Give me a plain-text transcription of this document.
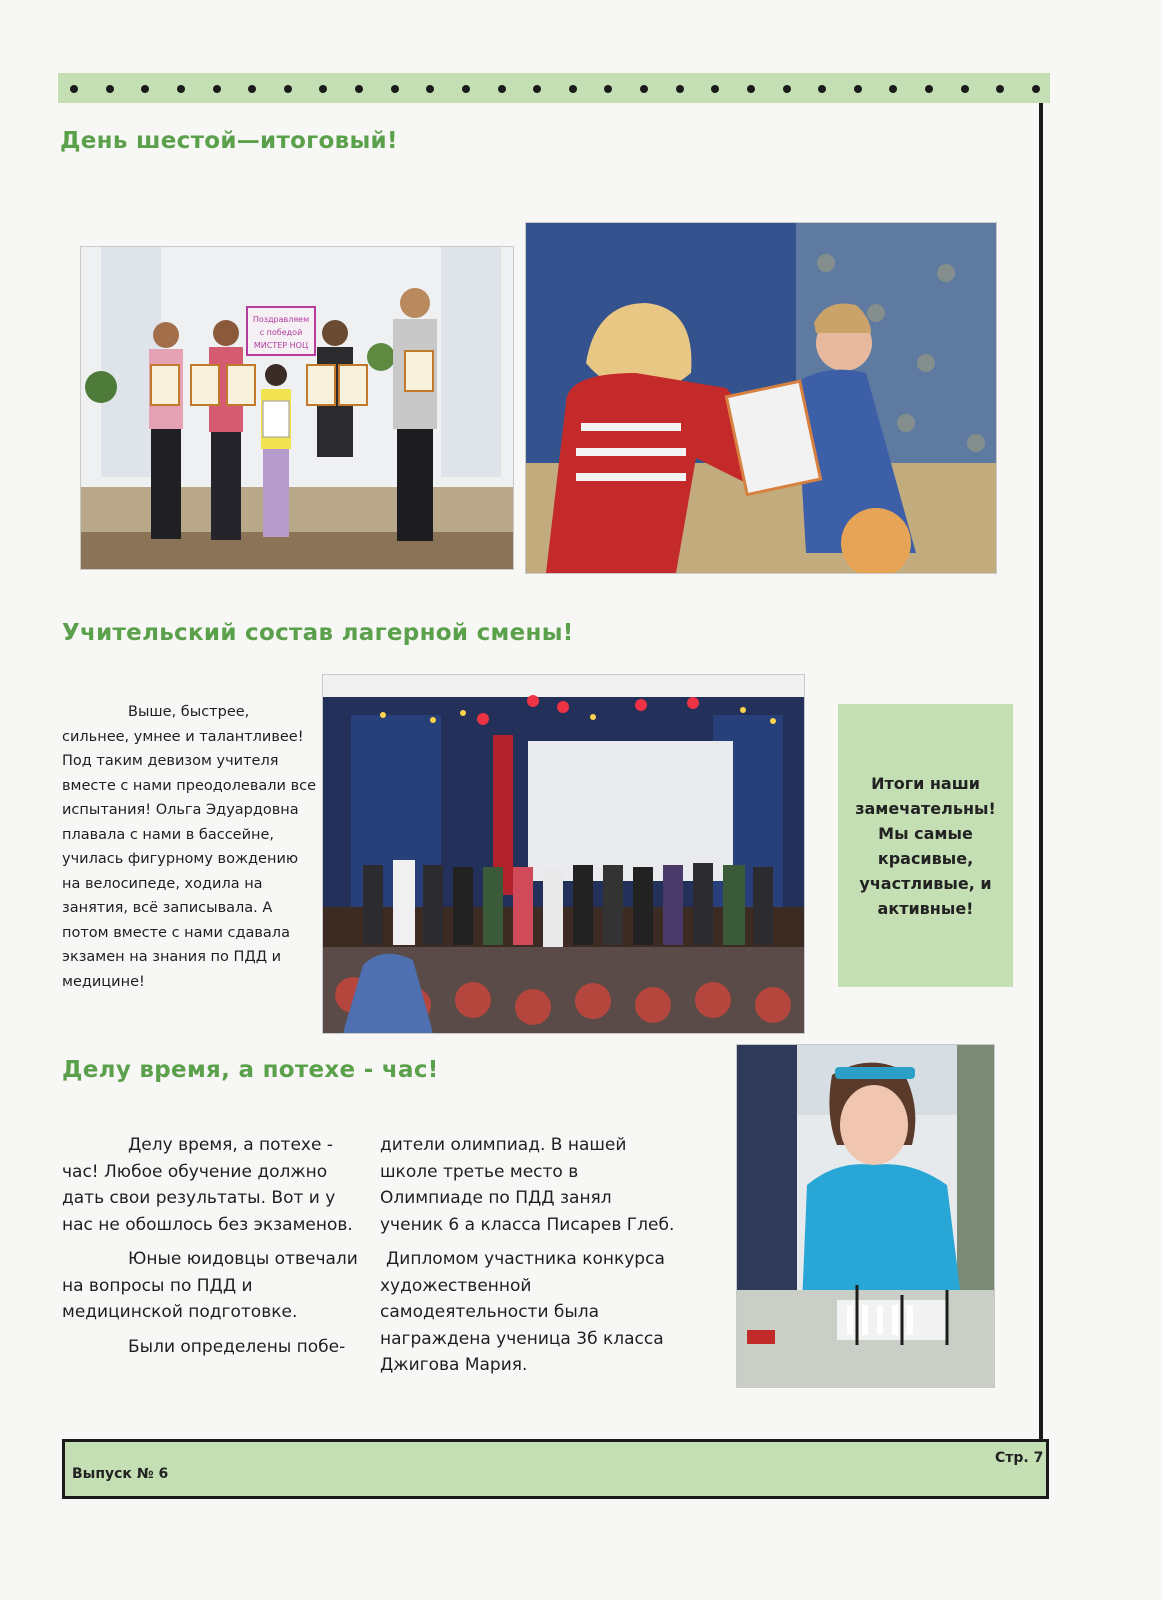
День шестой—итоговый!
Поздравляем
с победой
МИСТЕР НОЦ
Учительский состав лагерной смены!

Выше, быстрее, сильнее, умнее и талантливее! Под таким девизом учителя вместе с нами преодолевали все испытания! Ольга Эдуардовна плавала с нами в бассейне, училась фигурному вождению на велосипеде, ходила на занятия, всё записывала. А потом вместе с нами сдавала экзамен на знания по ПДД и медицине!

Итоги наши
замечательны!
Мы самые
красивые,
участливые, и
активные!

Делу время, а потехе - час!

Делу время, а потехе - час! Любое обучение должно дать свои результаты. Вот и у нас не обошлось без экзаменов.

Юные юидовцы отвечали на вопросы по ПДД и медицинской подготовке.

Были определены побе-

дители олимпиад. В нашей школе третье место в Олимпиаде по ПДД занял ученик 6 а класса Писарев Глеб.

Дипломом участника конкурса художественной самодеятельности была награждена ученица 3б класса Джигова Мария.

Стр. 7
Выпуск № 6
